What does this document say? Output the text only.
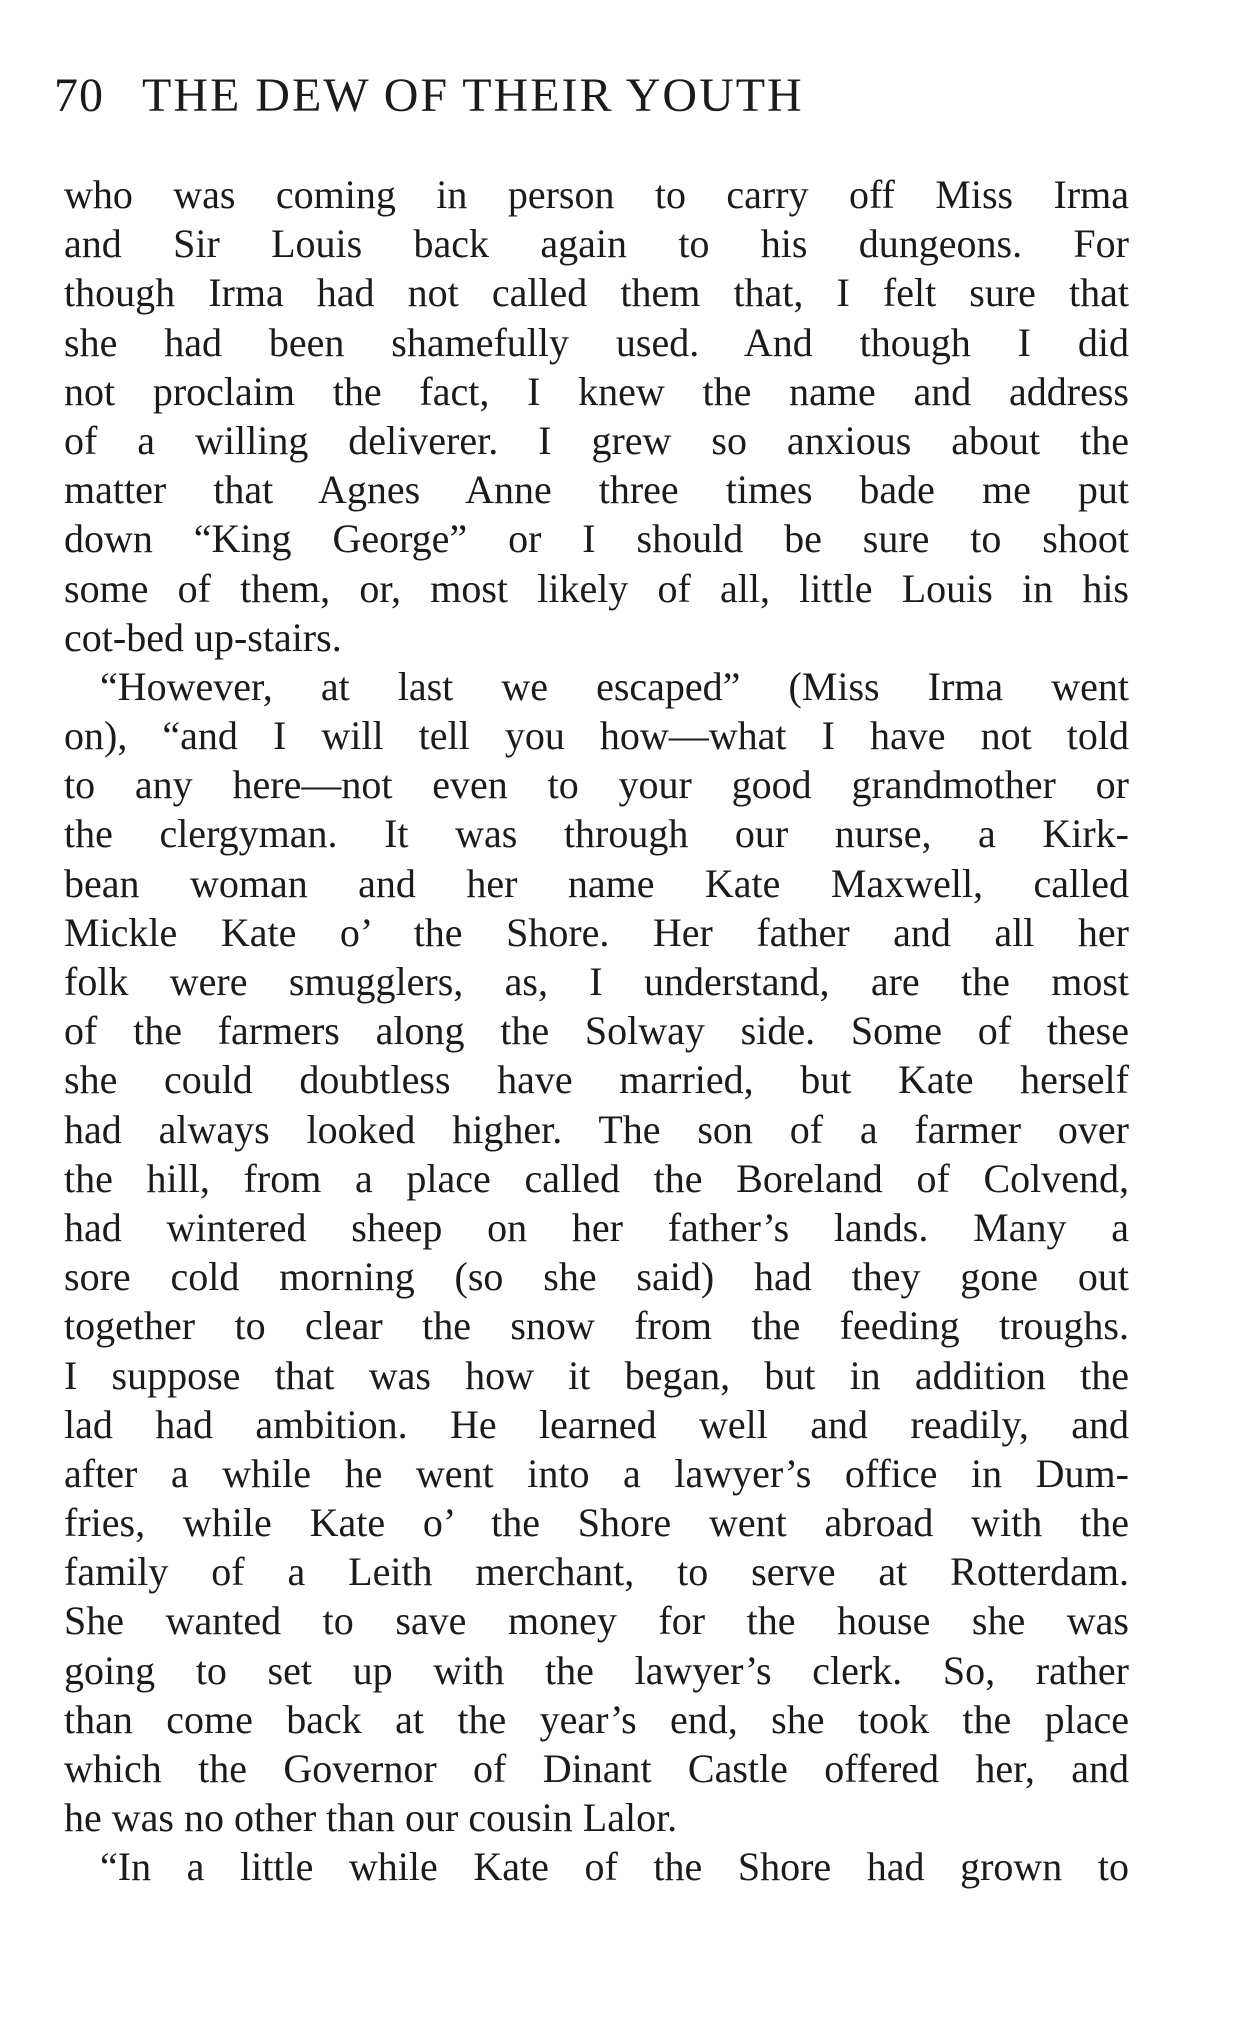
70 THE DEW OF THEIR YOUTH
who was coming in person to carry off Miss Irma
and Sir Louis back again to his dungeons. For
though Irma had not called them that, I felt sure that
she had been shamefully used. And though I did
not proclaim the fact, I knew the name and address
of a willing deliverer. I grew so anxious about the
matter that Agnes Anne three times bade me put
down “King George” or I should be sure to shoot
some of them, or, most likely of all, little Louis in his
cot-bed up-stairs.
“However, at last we escaped” (Miss Irma went
on), “and I will tell you how—what I have not told
to any here—not even to your good grandmother or
the clergyman. It was through our nurse, a Kirk-
bean woman and her name Kate Maxwell, called
Mickle Kate o’ the Shore. Her father and all her
folk were smugglers, as, I understand, are the most
of the farmers along the Solway side. Some of these
she could doubtless have married, but Kate herself
had always looked higher. The son of a farmer over
the hill, from a place called the Boreland of Colvend,
had wintered sheep on her father’s lands. Many a
sore cold morning (so she said) had they gone out
together to clear the snow from the feeding troughs.
I suppose that was how it began, but in addition the
lad had ambition. He learned well and readily, and
after a while he went into a lawyer’s office in Dum-
fries, while Kate o’ the Shore went abroad with the
family of a Leith merchant, to serve at Rotterdam.
She wanted to save money for the house she was
going to set up with the lawyer’s clerk. So, rather
than come back at the year’s end, she took the place
which the Governor of Dinant Castle offered her, and
he was no other than our cousin Lalor.
“In a little while Kate of the Shore had grown to
